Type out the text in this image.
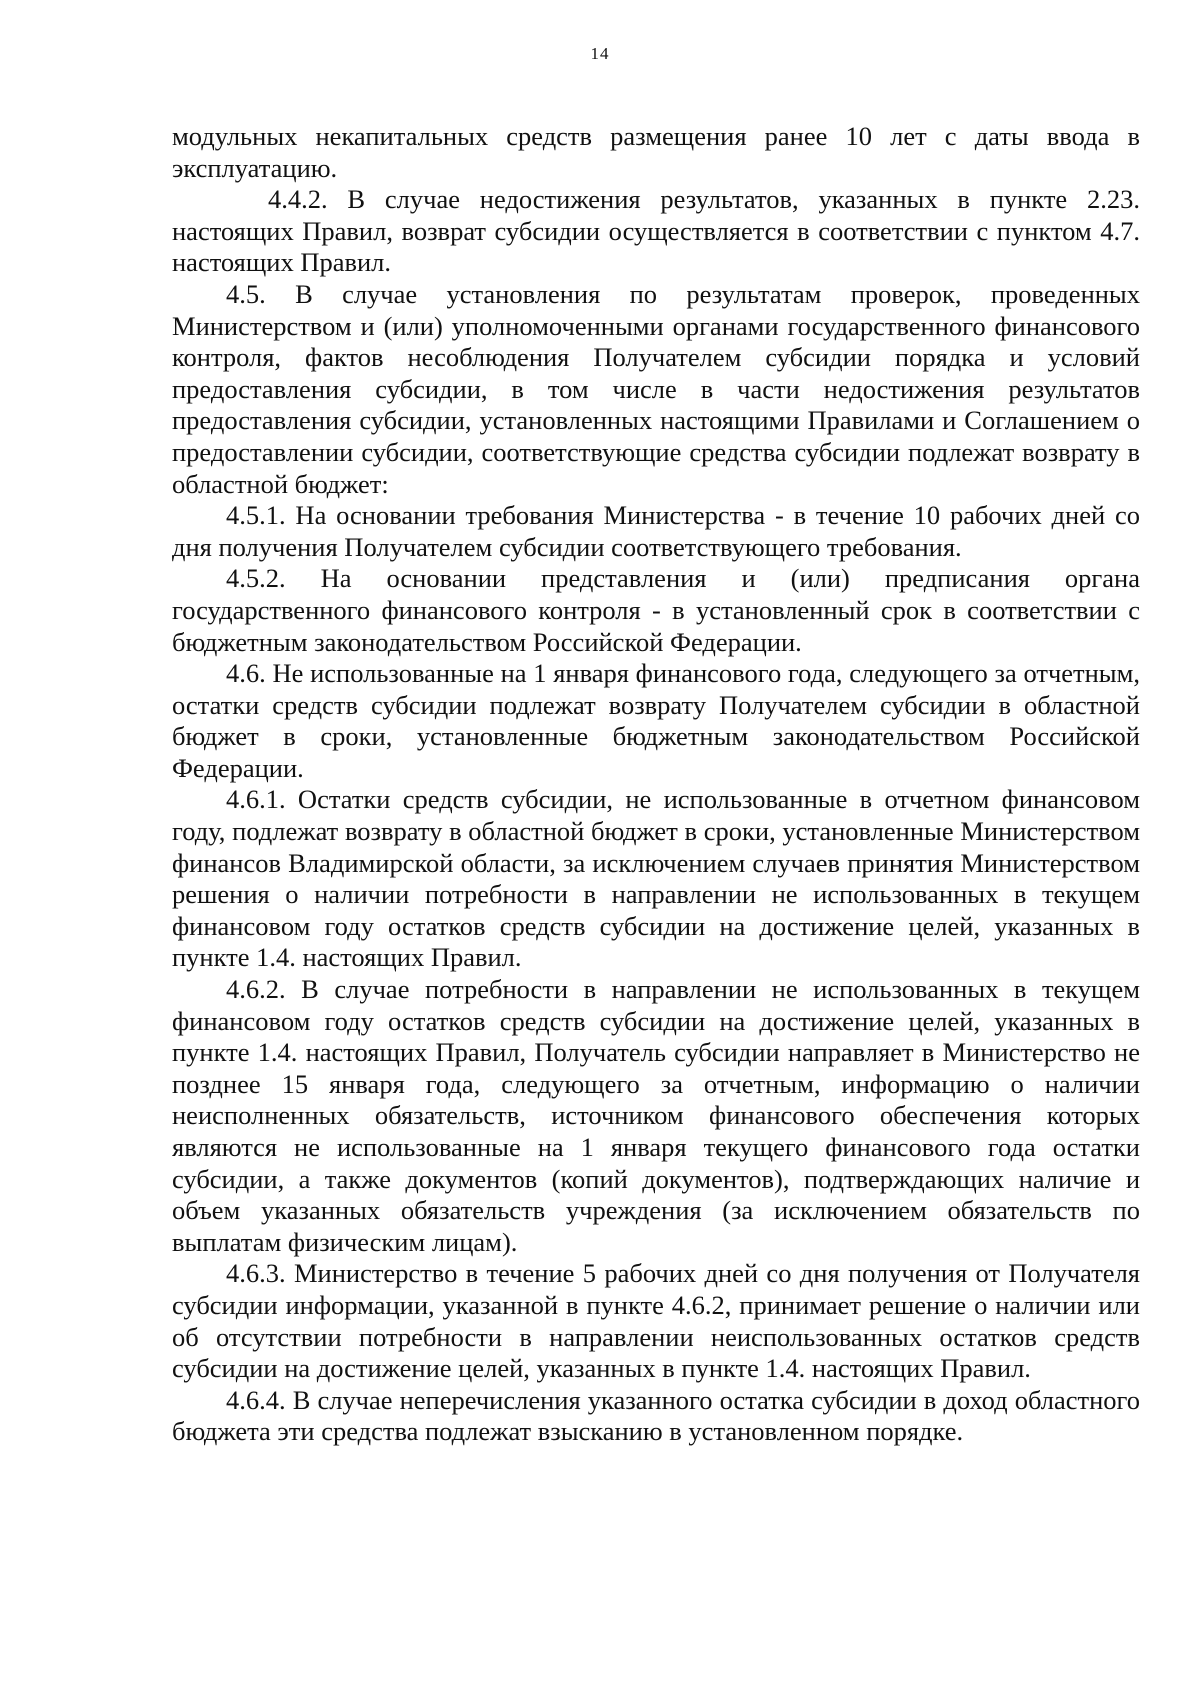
14

модульных некапитальных средств размещения ранее 10 лет с даты ввода в эксплуатацию.

4.4.2. В случае недостижения результатов, указанных в пункте 2.23. настоящих Правил, возврат субсидии осуществляется в соответствии с пунктом 4.7. настоящих Правил.

4.5. В случае установления по результатам проверок, проведенных Министерством и (или) уполномоченными органами государственного финансового контроля, фактов несоблюдения Получателем субсидии порядка и условий предоставления субсидии, в том числе в части недостижения результатов предоставления субсидии, установленных настоящими Правилами и Соглашением о предоставлении субсидии, соответствующие средства субсидии подлежат возврату в областной бюджет:

4.5.1. На основании требования Министерства - в течение 10 рабочих дней со дня получения Получателем субсидии соответствующего требования.

4.5.2. На основании представления и (или) предписания органа государственного финансового контроля - в установленный срок в соответствии с бюджетным законодательством Российской Федерации.

4.6. Не использованные на 1 января финансового года, следующего за отчетным, остатки средств субсидии подлежат возврату Получателем субсидии в областной бюджет в сроки, установленные бюджетным законодательством Российской Федерации.

4.6.1. Остатки средств субсидии, не использованные в отчетном финансовом году, подлежат возврату в областной бюджет в сроки, установленные Министерством финансов Владимирской области, за исключением случаев принятия Министерством решения о наличии потребности в направлении не использованных в текущем финансовом году остатков средств субсидии на достижение целей, указанных в пункте 1.4. настоящих Правил.

4.6.2. В случае потребности в направлении не использованных в текущем финансовом году остатков средств субсидии на достижение целей, указанных в пункте 1.4. настоящих Правил, Получатель субсидии направляет в Министерство не позднее 15 января года, следующего за отчетным, информацию о наличии неисполненных обязательств, источником финансового обеспечения которых являются не использованные на 1 января текущего финансового года остатки субсидии, а также документов (копий документов), подтверждающих наличие и объем указанных обязательств учреждения (за исключением обязательств по выплатам физическим лицам).

4.6.3. Министерство в течение 5 рабочих дней со дня получения от Получателя субсидии информации, указанной в пункте 4.6.2, принимает решение о наличии или об отсутствии потребности в направлении неиспользованных остатков средств субсидии на достижение целей, указанных в пункте 1.4. настоящих Правил.

4.6.4. В случае неперечисления указанного остатка субсидии в доход областного бюджета эти средства подлежат взысканию в установленном порядке.
